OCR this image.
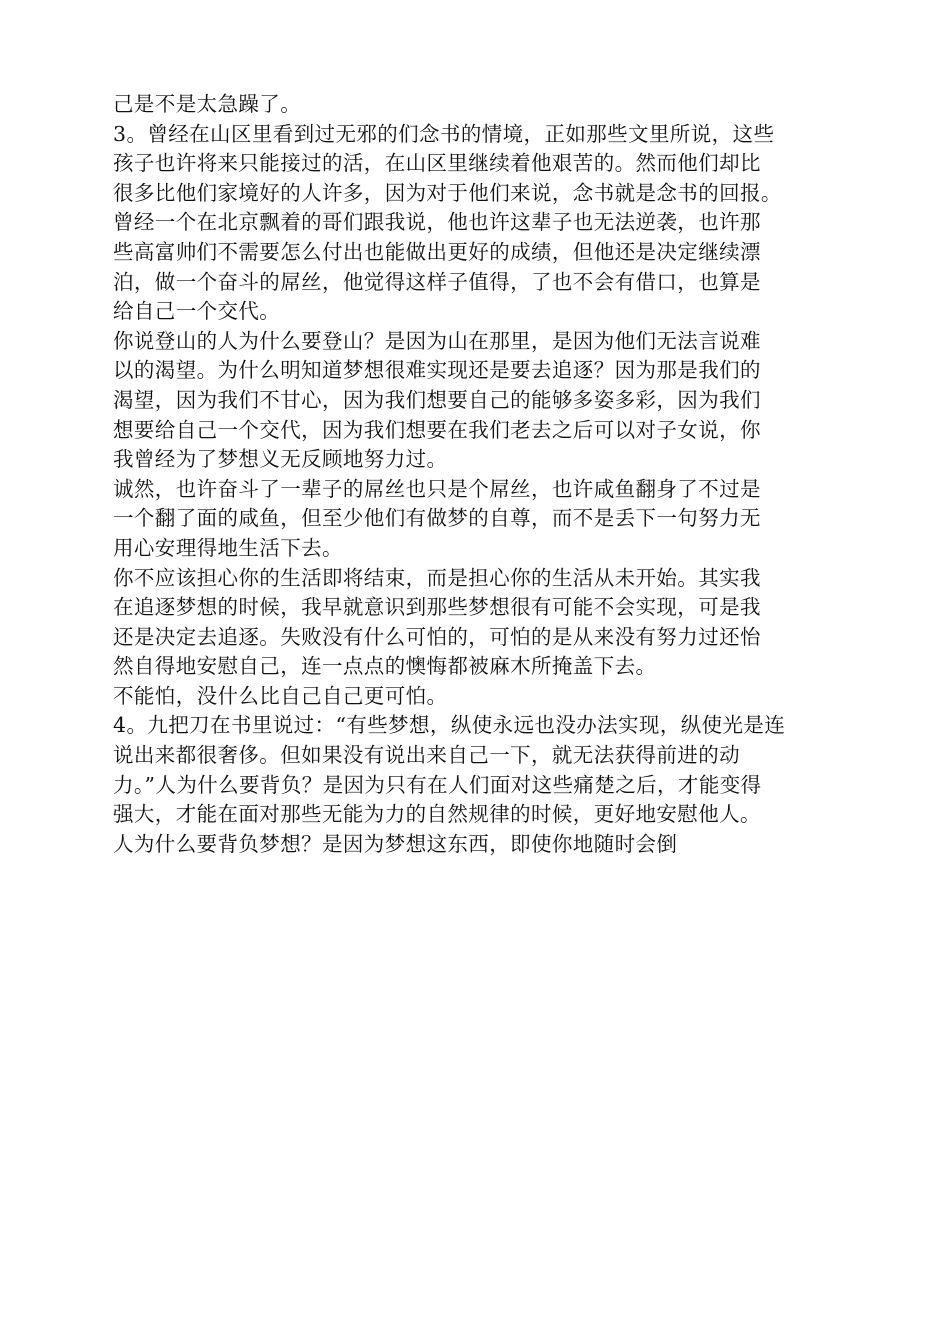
己是不是太急躁了。
3。曾经在山区里看到过无邪的们念书的情境，正如那些文里所说，这些
孩子也许将来只能接过的活，在山区里继续着他艰苦的。然而他们却比
很多比他们家境好的人许多，因为对于他们来说，念书就是念书的回报。
曾经一个在北京飘着的哥们跟我说，他也许这辈子也无法逆袭，也许那
些高富帅们不需要怎么付出也能做出更好的成绩，但他还是决定继续漂
泊，做一个奋斗的屌丝，他觉得这样子值得，了也不会有借口，也算是
给自己一个交代。
你说登山的人为什么要登山？是因为山在那里，是因为他们无法言说难
以的渴望。为什么明知道梦想很难实现还是要去追逐？因为那是我们的
渴望，因为我们不甘心，因为我们想要自己的能够多姿多彩，因为我们
想要给自己一个交代，因为我们想要在我们老去之后可以对子女说，你
我曾经为了梦想义无反顾地努力过。
诚然，也许奋斗了一辈子的屌丝也只是个屌丝，也许咸鱼翻身了不过是
一个翻了面的咸鱼，但至少他们有做梦的自尊，而不是丢下一句努力无
用心安理得地生活下去。
你不应该担心你的生活即将结束，而是担心你的生活从未开始。其实我
在追逐梦想的时候，我早就意识到那些梦想很有可能不会实现，可是我
还是决定去追逐。失败没有什么可怕的，可怕的是从来没有努力过还怡
然自得地安慰自己，连一点点的懊悔都被麻木所掩盖下去。
不能怕，没什么比自己自己更可怕。
4。九把刀在书里说过：“有些梦想，纵使永远也没办法实现，纵使光是连
说出来都很奢侈。但如果没有说出来自己一下，就无法获得前进的动
力。”人为什么要背负？是因为只有在人们面对这些痛楚之后，才能变得
强大，才能在面对那些无能为力的自然规律的时候，更好地安慰他人。
人为什么要背负梦想？是因为梦想这东西，即使你地随时会倒
